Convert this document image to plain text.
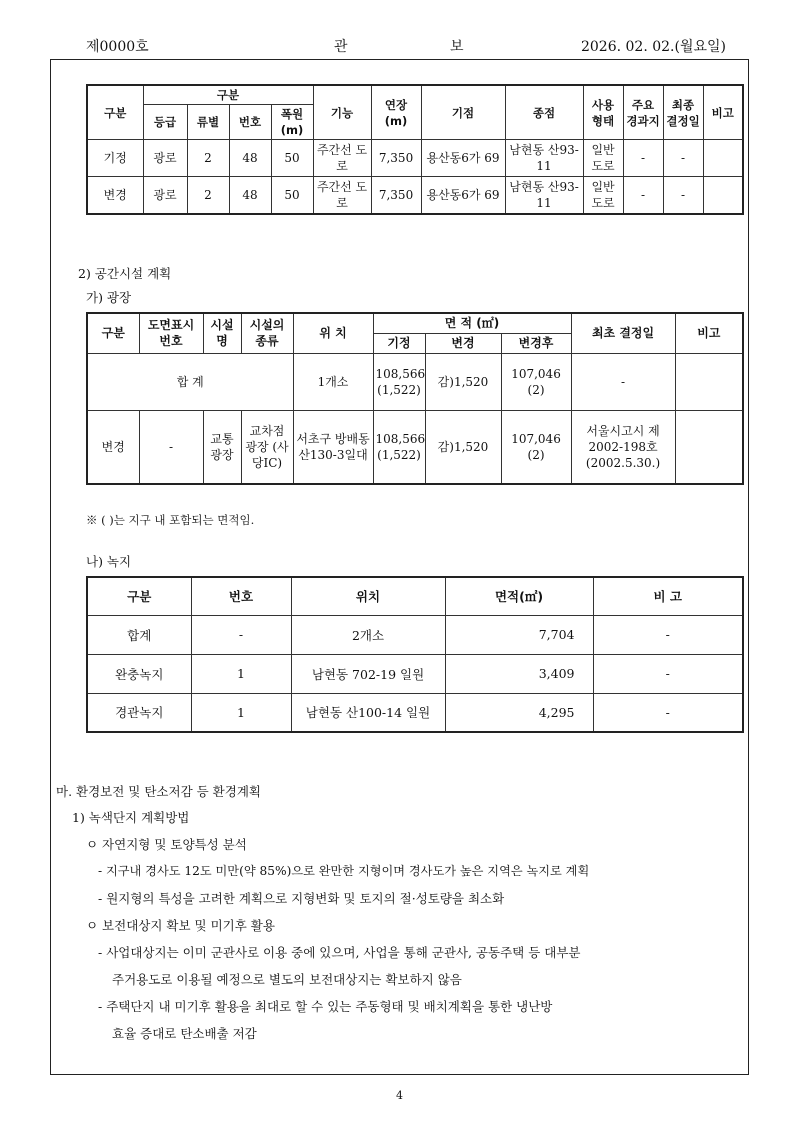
제0000호	관	보	2026. 02. 02.(월요일)
구분	구분				기능	연장 (m)	기점	종점	사용 형태	주요 경과지	최종 결정일	비고
	등급	류별	번호	폭원 (m)								
기정	광로	2	48	50	주간선 도로	7,350	용산동6가 69	남현동 산93-11	일반 도로	-	-	
변경	광로	2	48	50	주간선 도로	7,350	용산동6가 69	남현동 산93-11	일반 도로	-	-	
2) 공간시설 계획
가) 광장
구분	도면표시 번호	시설명	시설의 종류	위 치	면 적 (㎡)			최초 결정일	비고
					기정	변경	변경후		
합 계				1개소	108,566 (1,522)	감)1,520	107,046 (2)	-	
변경	-	교통 광장	교차점 광장 (사당IC)	서초구 방배동 산130-3일대	108,566 (1,522)	감)1,520	107,046 (2)	서울시고시 제2002-198호 (2002.5.30.)	
※ ( )는 지구 내 포함되는 면적임.
나) 녹지
구분	번호	위치	면적(㎡)	비 고
합계	-	2개소	7,704	-
완충녹지	1	남현동 702-19 일원	3,409	-
경관녹지	1	남현동 산100-14 일원	4,295	-
마. 환경보전 및 탄소저감 등 환경계획
1) 녹색단지 계획방법
ㅇ 자연지형 및 토양특성 분석
- 지구내 경사도 12도 미만(약 85%)으로 완만한 지형이며 경사도가 높은 지역은 녹지로 계획
- 원지형의 특성을 고려한 계획으로 지형변화 및 토지의 절·성토량을 최소화
ㅇ 보전대상지 확보 및 미기후 활용
- 사업대상지는 이미 군관사로 이용 중에 있으며, 사업을 통해 군관사, 공동주택 등 대부분
주거용도로 이용될 예정으로 별도의 보전대상지는 확보하지 않음
- 주택단지 내 미기후 활용을 최대로 할 수 있는 주동형태 및 배치계획을 통한 냉난방
효율 증대로 탄소배출 저감
4
